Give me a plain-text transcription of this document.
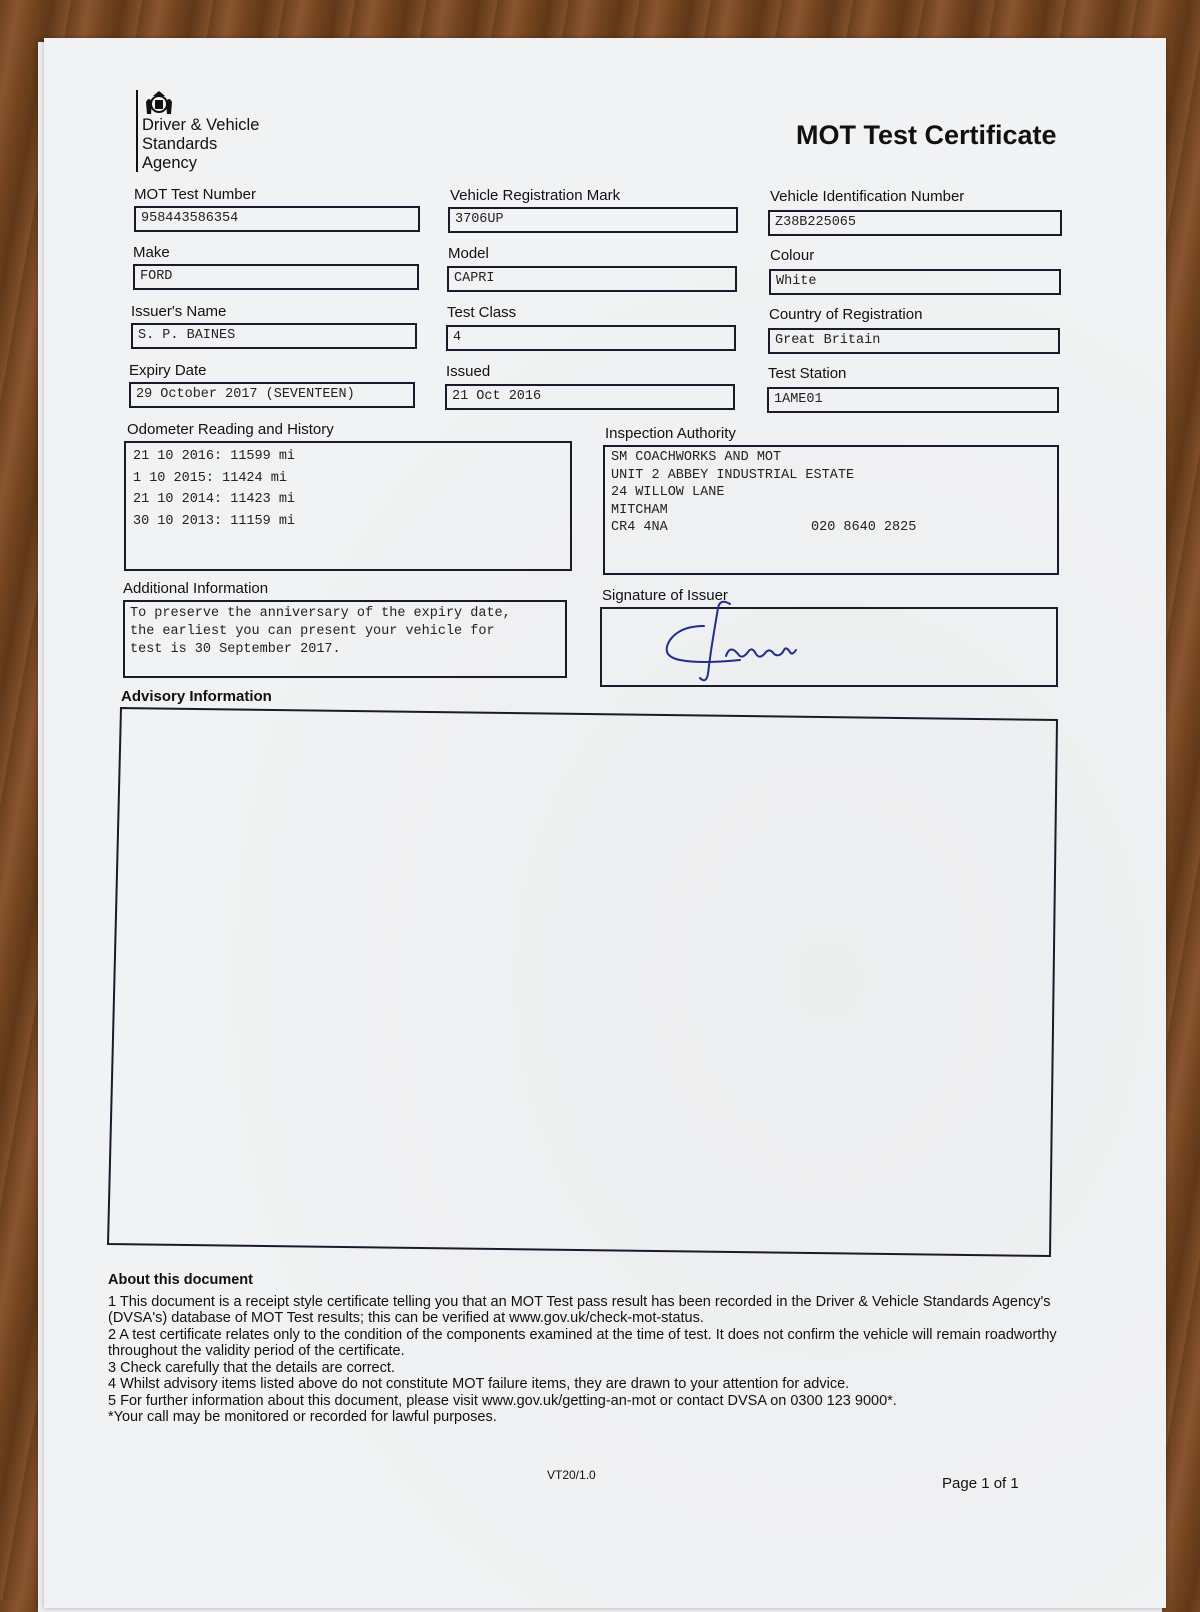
Driver & Vehicle
Standards
Agency
MOT Test Certificate
MOT Test Number
958443586354
Vehicle Registration Mark
3706UP
Vehicle Identification Number
Z38B225065
Make
FORD
Model
CAPRI
Colour
White
Issuer's Name
S. P. BAINES
Test Class
4
Country of Registration
Great Britain
Expiry Date
29 October 2017 (SEVENTEEN)
Issued
21 Oct 2016
Test Station
1AME01
Odometer Reading and History
21 10 2016: 11599 mi
1 10 2015: 11424 mi
21 10 2014: 11423 mi
30 10 2013: 11159 mi
Inspection Authority
SM COACHWORKS AND MOT
UNIT 2 ABBEY INDUSTRIAL ESTATE
24 WILLOW LANE
MITCHAM
CR4 4NA	020 8640 2825
Additional Information
To preserve the anniversary of the expiry date,
the earliest you can present your vehicle for
test is 30 September 2017.
Signature of Issuer
Advisory Information
About this document

1 This document is a receipt style certificate telling you that an MOT Test pass result has been recorded in the Driver & Vehicle Standards Agency's (DVSA's) database of MOT Test results; this can be verified at www.gov.uk/check-mot-status.

2 A test certificate relates only to the condition of the components examined at the time of test. It does not confirm the vehicle will remain roadworthy throughout the validity period of the certificate.

3 Check carefully that the details are correct.

4 Whilst advisory items listed above do not constitute MOT failure items, they are drawn to your attention for advice.

5 For further information about this document, please visit www.gov.uk/getting-an-mot or contact DVSA on 0300 123 9000*.

*Your call may be monitored or recorded for lawful purposes.

VT20/1.0	Page 1 of 1
